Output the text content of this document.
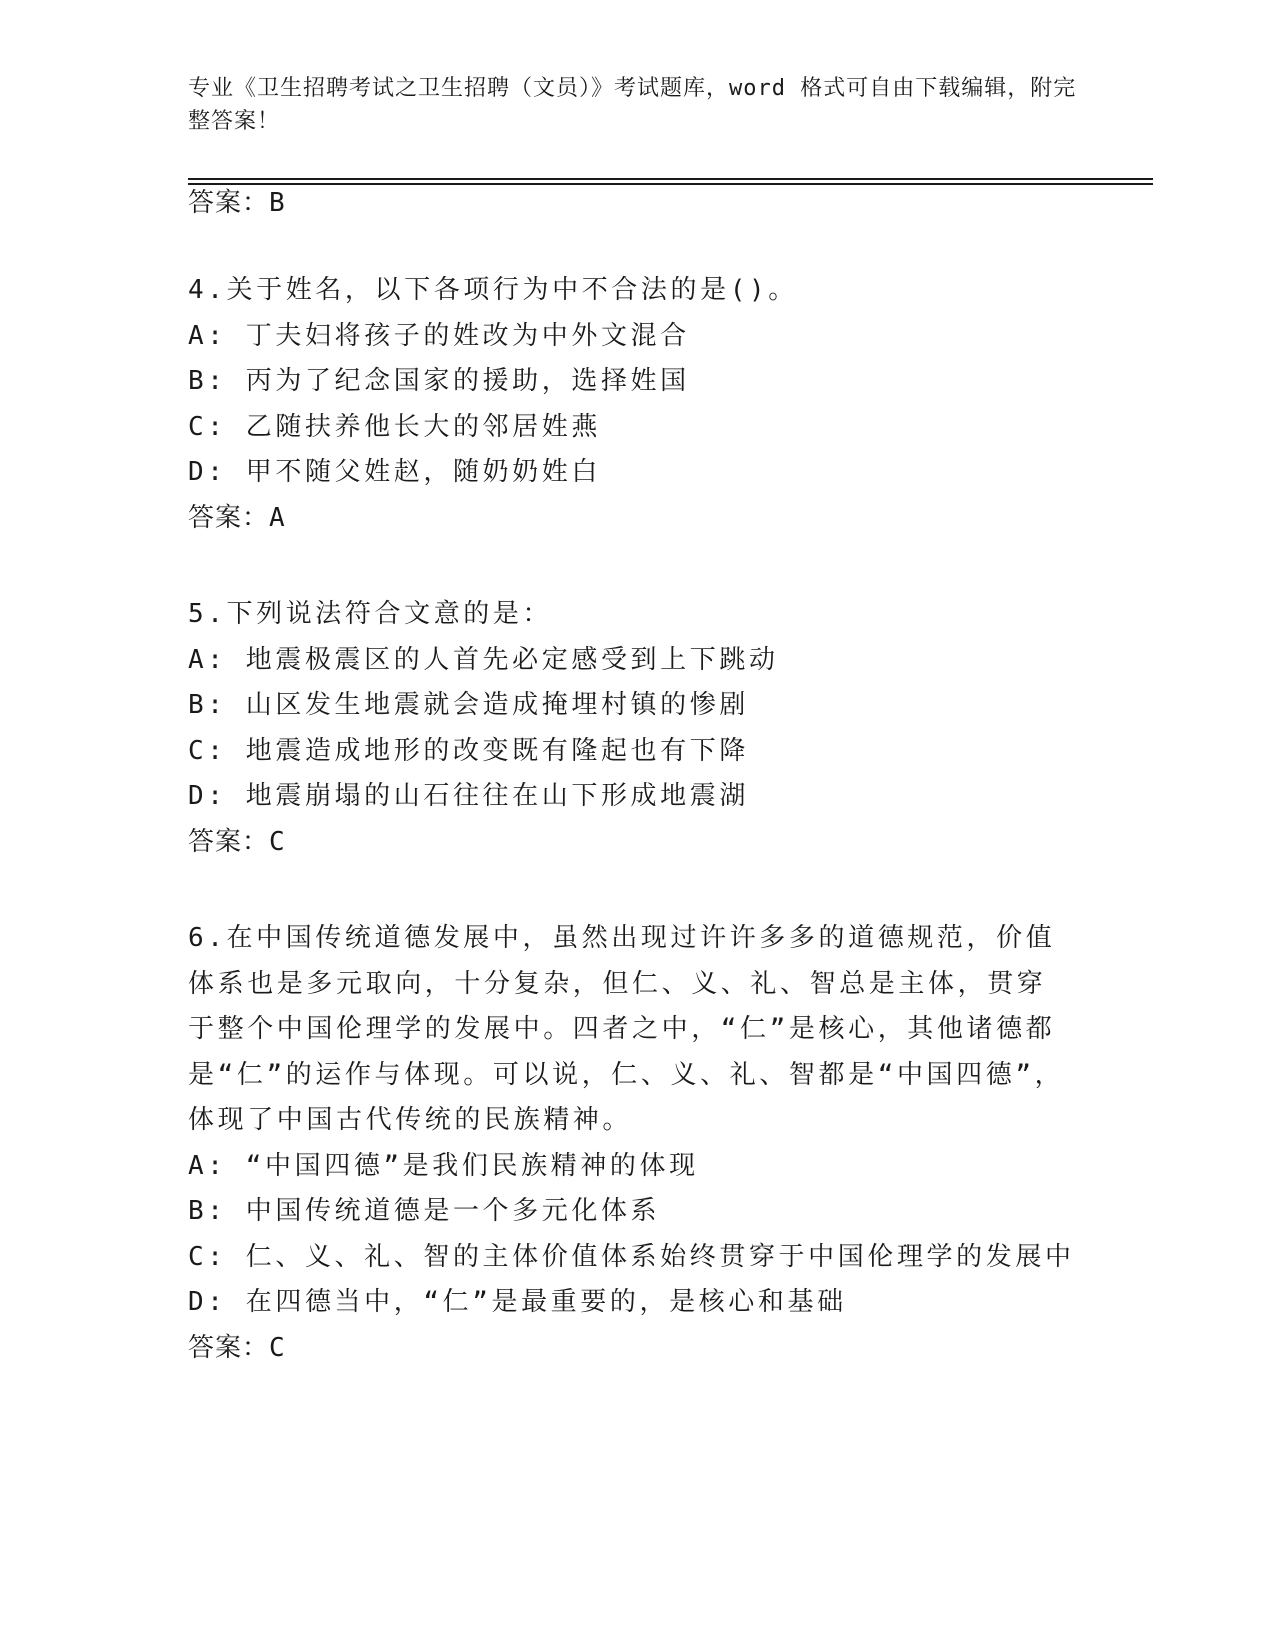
专业《卫生招聘考试之卫生招聘（文员）》考试题库，word 格式可自由下载编辑，附完整答案！
答案：B

4.关于姓名，以下各项行为中不合法的是()。

A: 丁夫妇将孩子的姓改为中外文混合

B: 丙为了纪念国家的援助，选择姓国

C: 乙随扶养他长大的邻居姓燕

D: 甲不随父姓赵，随奶奶姓白

答案：A

5.下列说法符合文意的是：

A: 地震极震区的人首先必定感受到上下跳动

B: 山区发生地震就会造成掩埋村镇的惨剧

C: 地震造成地形的改变既有隆起也有下降

D: 地震崩塌的山石往往在山下形成地震湖

答案：C

6.在中国传统道德发展中，虽然出现过许许多多的道德规范，价值体系也是多元取向，十分复杂，但仁、义、礼、智总是主体，贯穿于整个中国伦理学的发展中。四者之中，“仁”是核心，其他诸德都是“仁”的运作与体现。可以说，仁、义、礼、智都是“中国四德”，体现了中国古代传统的民族精神。

A: “中国四德”是我们民族精神的体现

B: 中国传统道德是一个多元化体系

C: 仁、义、礼、智的主体价值体系始终贯穿于中国伦理学的发展中

D: 在四德当中，“仁”是最重要的，是核心和基础

答案：C
